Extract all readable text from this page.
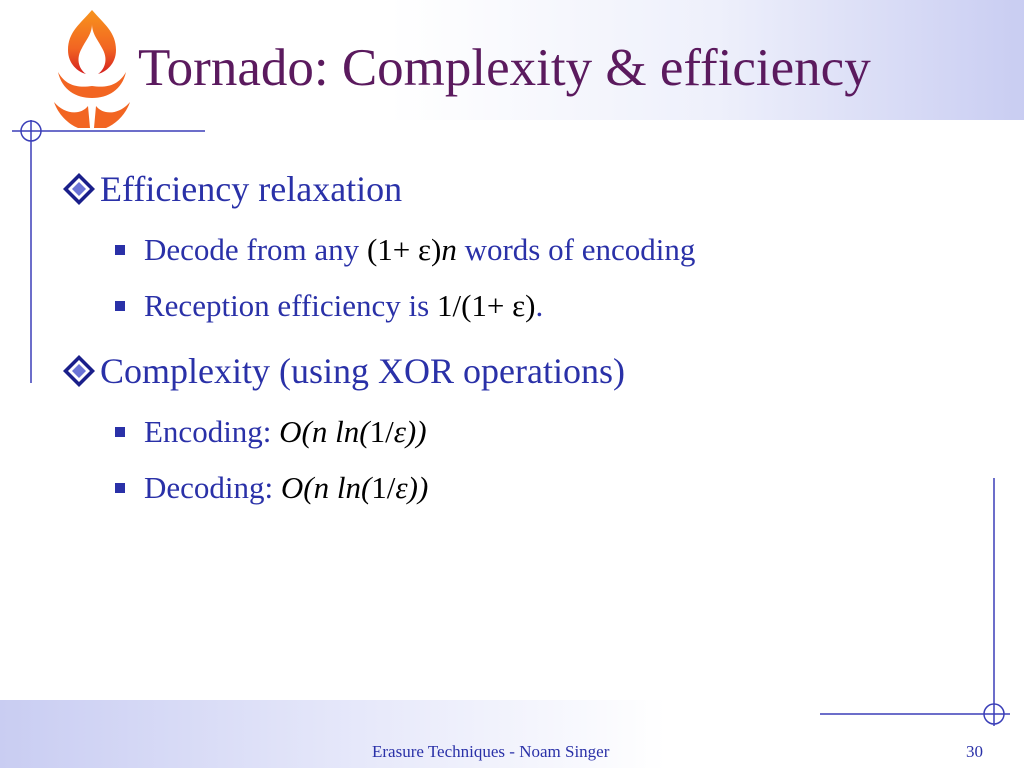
Tornado: Complexity & efficiency
Efficiency relaxation
Decode from any (1+ ε) n words of encoding
Reception efficiency is 1/(1+ ε) .
Complexity (using XOR operations)
Encoding: O(n ln( 1/ ε))
Decoding: O(n ln( 1/ ε))
Erasure Techniques - Noam Singer	30
